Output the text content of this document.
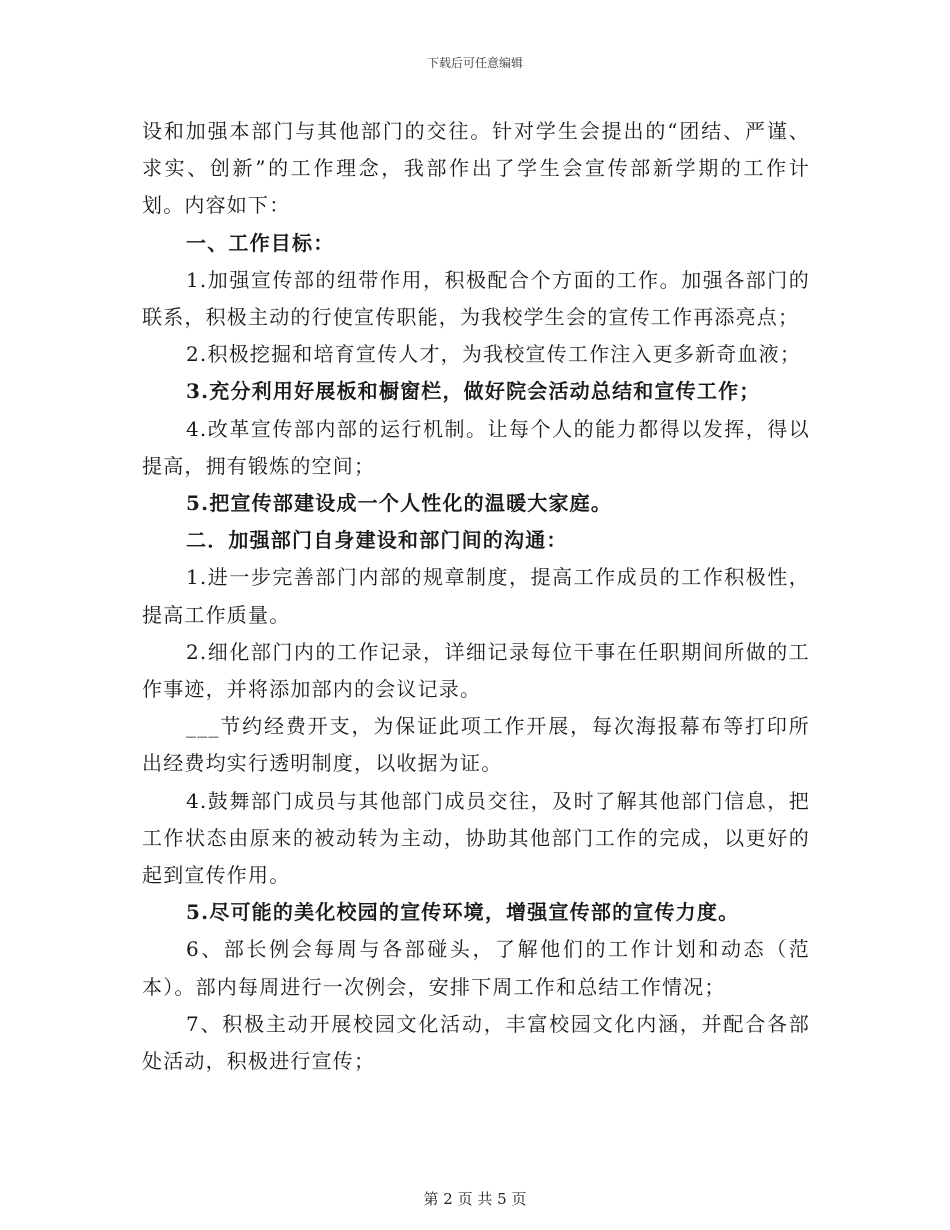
下载后可任意编辑

设和加强本部门与其他部门的交往。针对学生会提出的“团结、严谨、求实、创新”的工作理念，我部作出了学生会宣传部新学期的工作计划。内容如下：

一、工作目标：

1.加强宣传部的纽带作用，积极配合个方面的工作。加强各部门的联系，积极主动的行使宣传职能，为我校学生会的宣传工作再添亮点；

2.积极挖掘和培育宣传人才，为我校宣传工作注入更多新奇血液；

3.充分利用好展板和橱窗栏，做好院会活动总结和宣传工作；

4.改革宣传部内部的运行机制。让每个人的能力都得以发挥，得以提高，拥有锻炼的空间；

5.把宣传部建设成一个人性化的温暖大家庭。

二．加强部门自身建设和部门间的沟通：

1.进一步完善部门内部的规章制度，提高工作成员的工作积极性，提高工作质量。

2.细化部门内的工作记录，详细记录每位干事在任职期间所做的工作事迹，并将添加部内的会议记录。

___节约经费开支，为保证此项工作开展，每次海报幕布等打印所出经费均实行透明制度，以收据为证。

4.鼓舞部门成员与其他部门成员交往，及时了解其他部门信息，把工作状态由原来的被动转为主动，协助其他部门工作的完成，以更好的起到宣传作用。

5.尽可能的美化校园的宣传环境，增强宣传部的宣传力度。

6、部长例会每周与各部碰头，了解他们的工作计划和动态（范本）。部内每周进行一次例会，安排下周工作和总结工作情况；

7、积极主动开展校园文化活动，丰富校园文化内涵，并配合各部处活动，积极进行宣传；

第 2 页 共 5 页
